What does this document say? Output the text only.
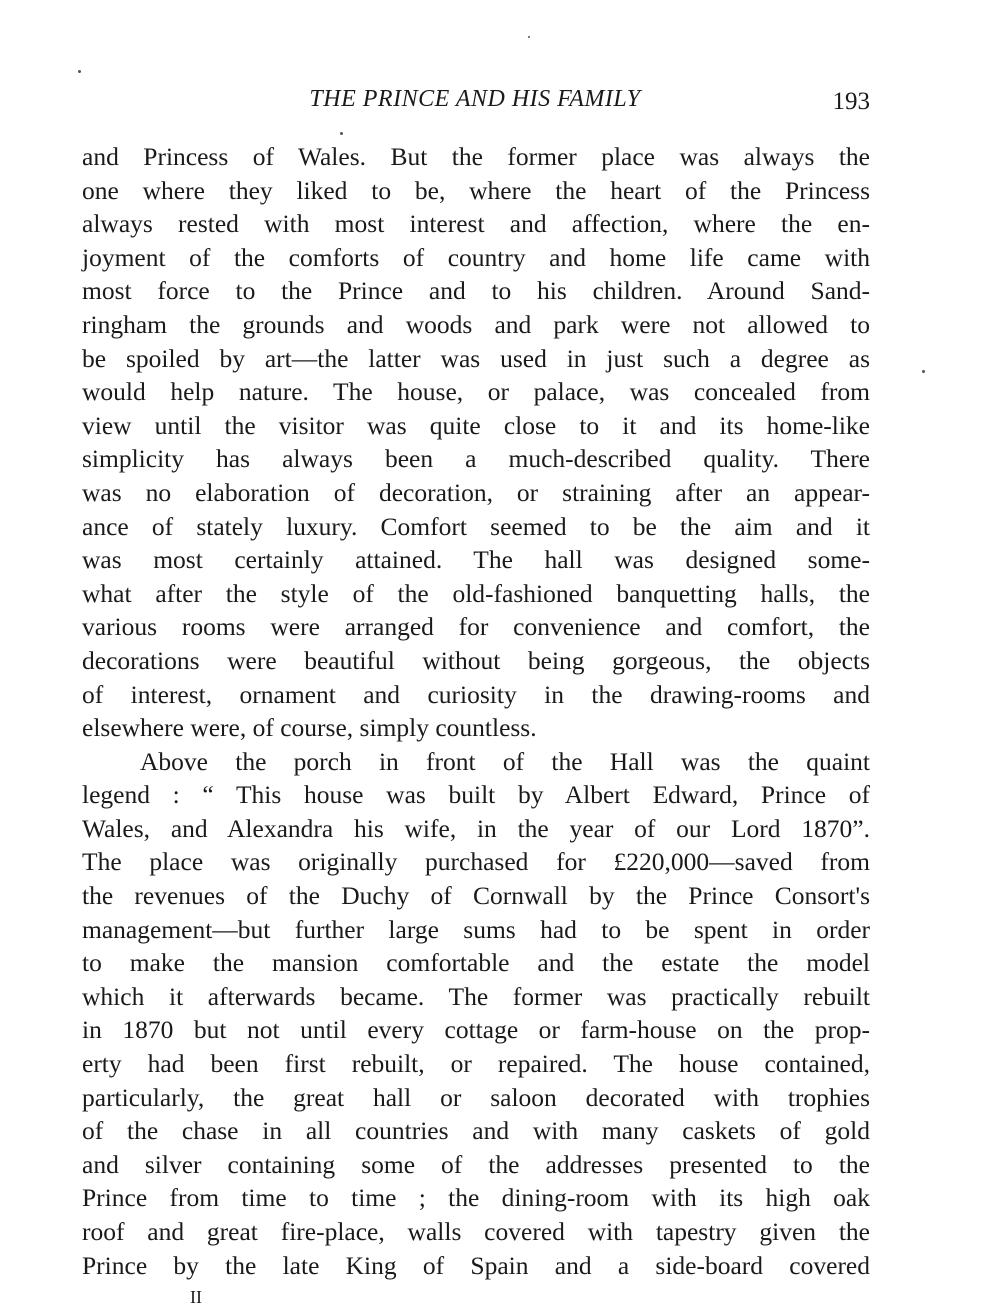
THE PRINCE AND HIS FAMILY	193
and Princess of Wales. But the former place was always the
one where they liked to be, where the heart of the Princess
always rested with most interest and affection, where the en-
joyment of the comforts of country and home life came with
most force to the Prince and to his children. Around Sand-
ringham the grounds and woods and park were not allowed to
be spoiled by art—the latter was used in just such a degree as
would help nature. The house, or palace, was concealed from
view until the visitor was quite close to it and its home-like
simplicity has always been a much-described quality. There
was no elaboration of decoration, or straining after an appear-
ance of stately luxury. Comfort seemed to be the aim and it
was most certainly attained. The hall was designed some-
what after the style of the old-fashioned banquetting halls, the
various rooms were arranged for convenience and comfort, the
decorations were beautiful without being gorgeous, the objects
of interest, ornament and curiosity in the drawing-rooms and
elsewhere were, of course, simply countless.
Above the porch in front of the Hall was the quaint
legend : “ This house was built by Albert Edward, Prince of
Wales, and Alexandra his wife, in the year of our Lord 1870”.
The place was originally purchased for £220,000—saved from
the revenues of the Duchy of Cornwall by the Prince Consort's
management—but further large sums had to be spent in order
to make the mansion comfortable and the estate the model
which it afterwards became. The former was practically rebuilt
in 1870 but not until every cottage or farm-house on the prop-
erty had been first rebuilt, or repaired. The house contained,
particularly, the great hall or saloon decorated with trophies
of the chase in all countries and with many caskets of gold
and silver containing some of the addresses presented to the
Prince from time to time ; the dining-room with its high oak
roof and great fire-place, walls covered with tapestry given the
Prince by the late King of Spain and a side-board covered
II
